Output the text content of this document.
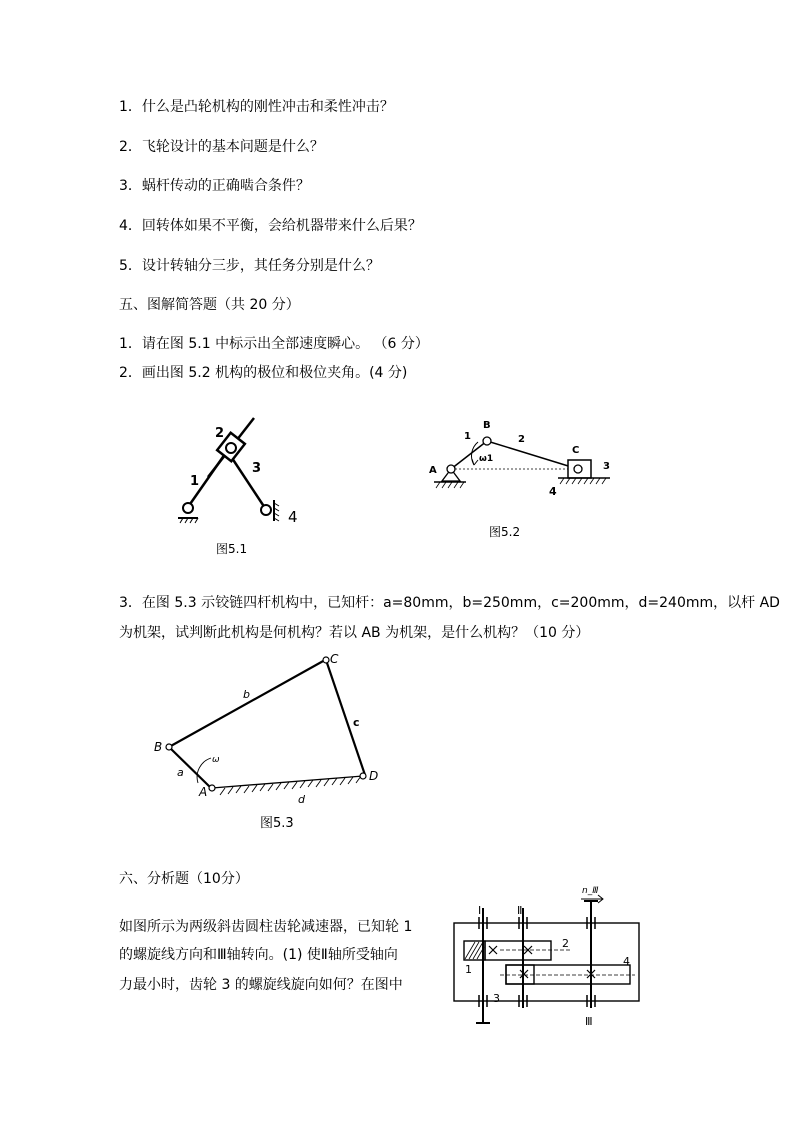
1．什么是凸轮机构的刚性冲击和柔性冲击？
2．飞轮设计的基本问题是什么？
3．蜗杆传动的正确啮合条件？
4．回转体如果不平衡，会给机器带来什么后果？
5．设计转轴分三步，其任务分别是什么？
五、图解简答题（共 20 分）
1．请在图 5.1 中标示出全部速度瞬心。 （6 分）
2．画出图 5.2 机构的极位和极位夹角。(4 分)
2
1
3
4
图5.1
A
B
C
1	2
3
4
ω1
图5.2
3．在图 5.3 示铰链四杆机构中，已知杆：a=80mm，b=250mm，c=200mm，d=240mm，以杆 AD
为机架，试判断此机构是何机构？若以 AB 为机架，是什么机构？（10 分）
B
C
A
D
b
c
a
d
ω
图5.3
六、分析题（10分）
如图所示为两级斜齿圆柱齿轮减速器，已知轮 1
的螺旋线方向和Ⅲ轴转向。(1) 使Ⅱ轴所受轴向
力最小时，齿轮 3 的螺旋线旋向如何？在图中
Ⅰ	Ⅱ
Ⅲ
n_Ⅲ
1
2
3
4
